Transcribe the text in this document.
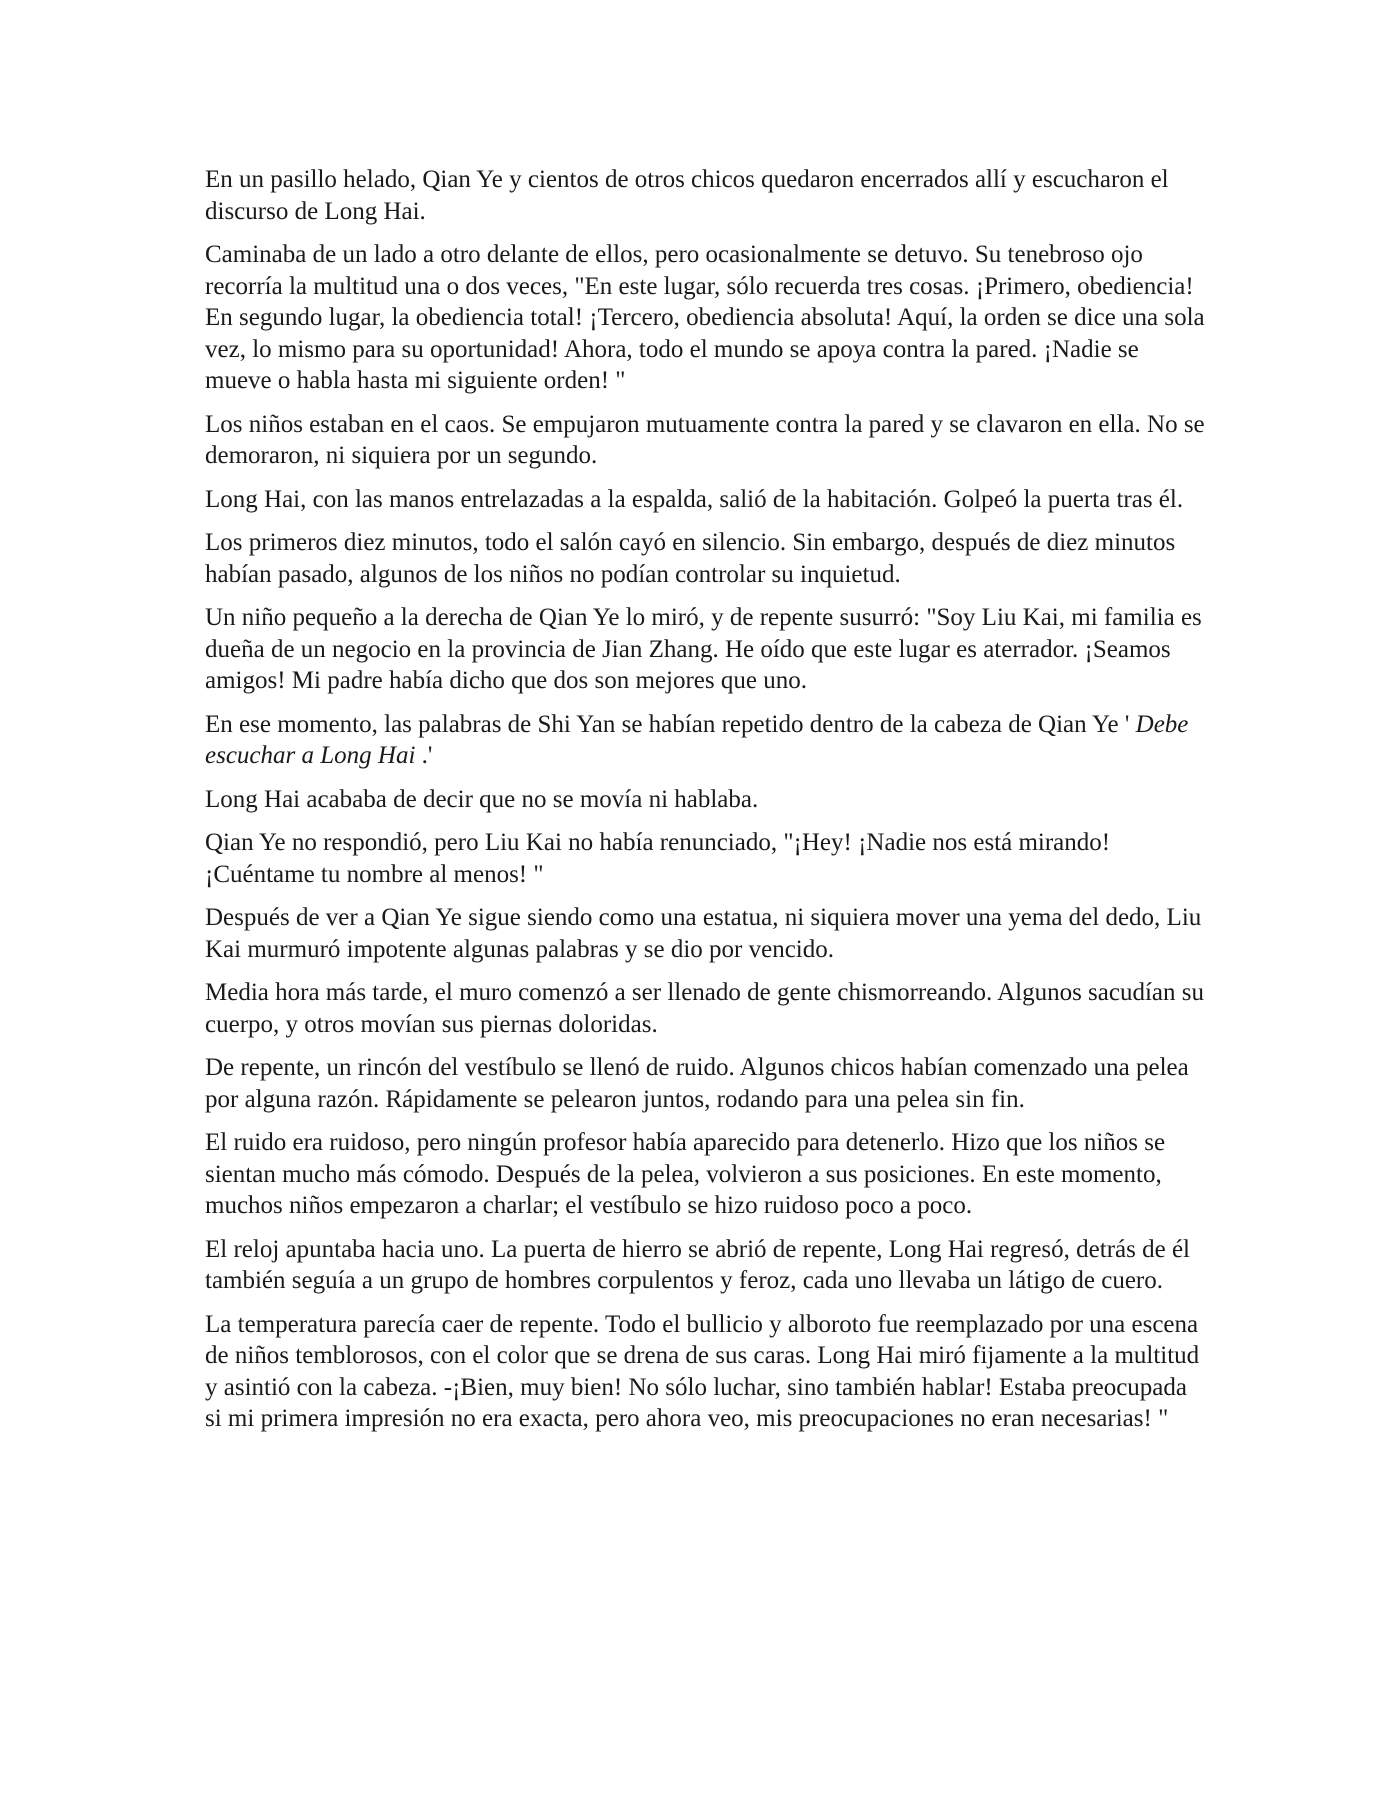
En un pasillo helado, Qian Ye y cientos de otros chicos quedaron encerrados allí y escucharon el discurso de Long Hai.

Caminaba de un lado a otro delante de ellos, pero ocasionalmente se detuvo. Su tenebroso ojo recorría la multitud una o dos veces, "En este lugar, sólo recuerda tres cosas. ¡Primero, obediencia! En segundo lugar, la obediencia total! ¡Tercero, obediencia absoluta! Aquí, la orden se dice una sola vez, lo mismo para su oportunidad! Ahora, todo el mundo se apoya contra la pared. ¡Nadie se mueve o habla hasta mi siguiente orden! "

Los niños estaban en el caos. Se empujaron mutuamente contra la pared y se clavaron en ella. No se demoraron, ni siquiera por un segundo.

Long Hai, con las manos entrelazadas a la espalda, salió de la habitación. Golpeó la puerta tras él.

Los primeros diez minutos, todo el salón cayó en silencio. Sin embargo, después de diez minutos habían pasado, algunos de los niños no podían controlar su inquietud.

Un niño pequeño a la derecha de Qian Ye lo miró, y de repente susurró: "Soy Liu Kai, mi familia es dueña de un negocio en la provincia de Jian Zhang. He oído que este lugar es aterrador. ¡Seamos amigos! Mi padre había dicho que dos son mejores que uno.

En ese momento, las palabras de Shi Yan se habían repetido dentro de la cabeza de Qian Ye ' Debe escuchar a Long Hai .'

Long Hai acababa de decir que no se movía ni hablaba.

Qian Ye no respondió, pero Liu Kai no había renunciado, "¡Hey! ¡Nadie nos está mirando! ¡Cuéntame tu nombre al menos! "

Después de ver a Qian Ye sigue siendo como una estatua, ni siquiera mover una yema del dedo, Liu Kai murmuró impotente algunas palabras y se dio por vencido.

Media hora más tarde, el muro comenzó a ser llenado de gente chismorreando. Algunos sacudían su cuerpo, y otros movían sus piernas doloridas.

De repente, un rincón del vestíbulo se llenó de ruido. Algunos chicos habían comenzado una pelea por alguna razón. Rápidamente se pelearon juntos, rodando para una pelea sin fin.

El ruido era ruidoso, pero ningún profesor había aparecido para detenerlo. Hizo que los niños se sientan mucho más cómodo. Después de la pelea, volvieron a sus posiciones. En este momento, muchos niños empezaron a charlar; el vestíbulo se hizo ruidoso poco a poco.

El reloj apuntaba hacia uno. La puerta de hierro se abrió de repente, Long Hai regresó, detrás de él también seguía a un grupo de hombres corpulentos y feroz, cada uno llevaba un látigo de cuero.

La temperatura parecía caer de repente. Todo el bullicio y alboroto fue reemplazado por una escena de niños temblorosos, con el color que se drena de sus caras. Long Hai miró fijamente a la multitud y asintió con la cabeza. -¡Bien, muy bien! No sólo luchar, sino también hablar! Estaba preocupada si mi primera impresión no era exacta, pero ahora veo, mis preocupaciones no eran necesarias! "
